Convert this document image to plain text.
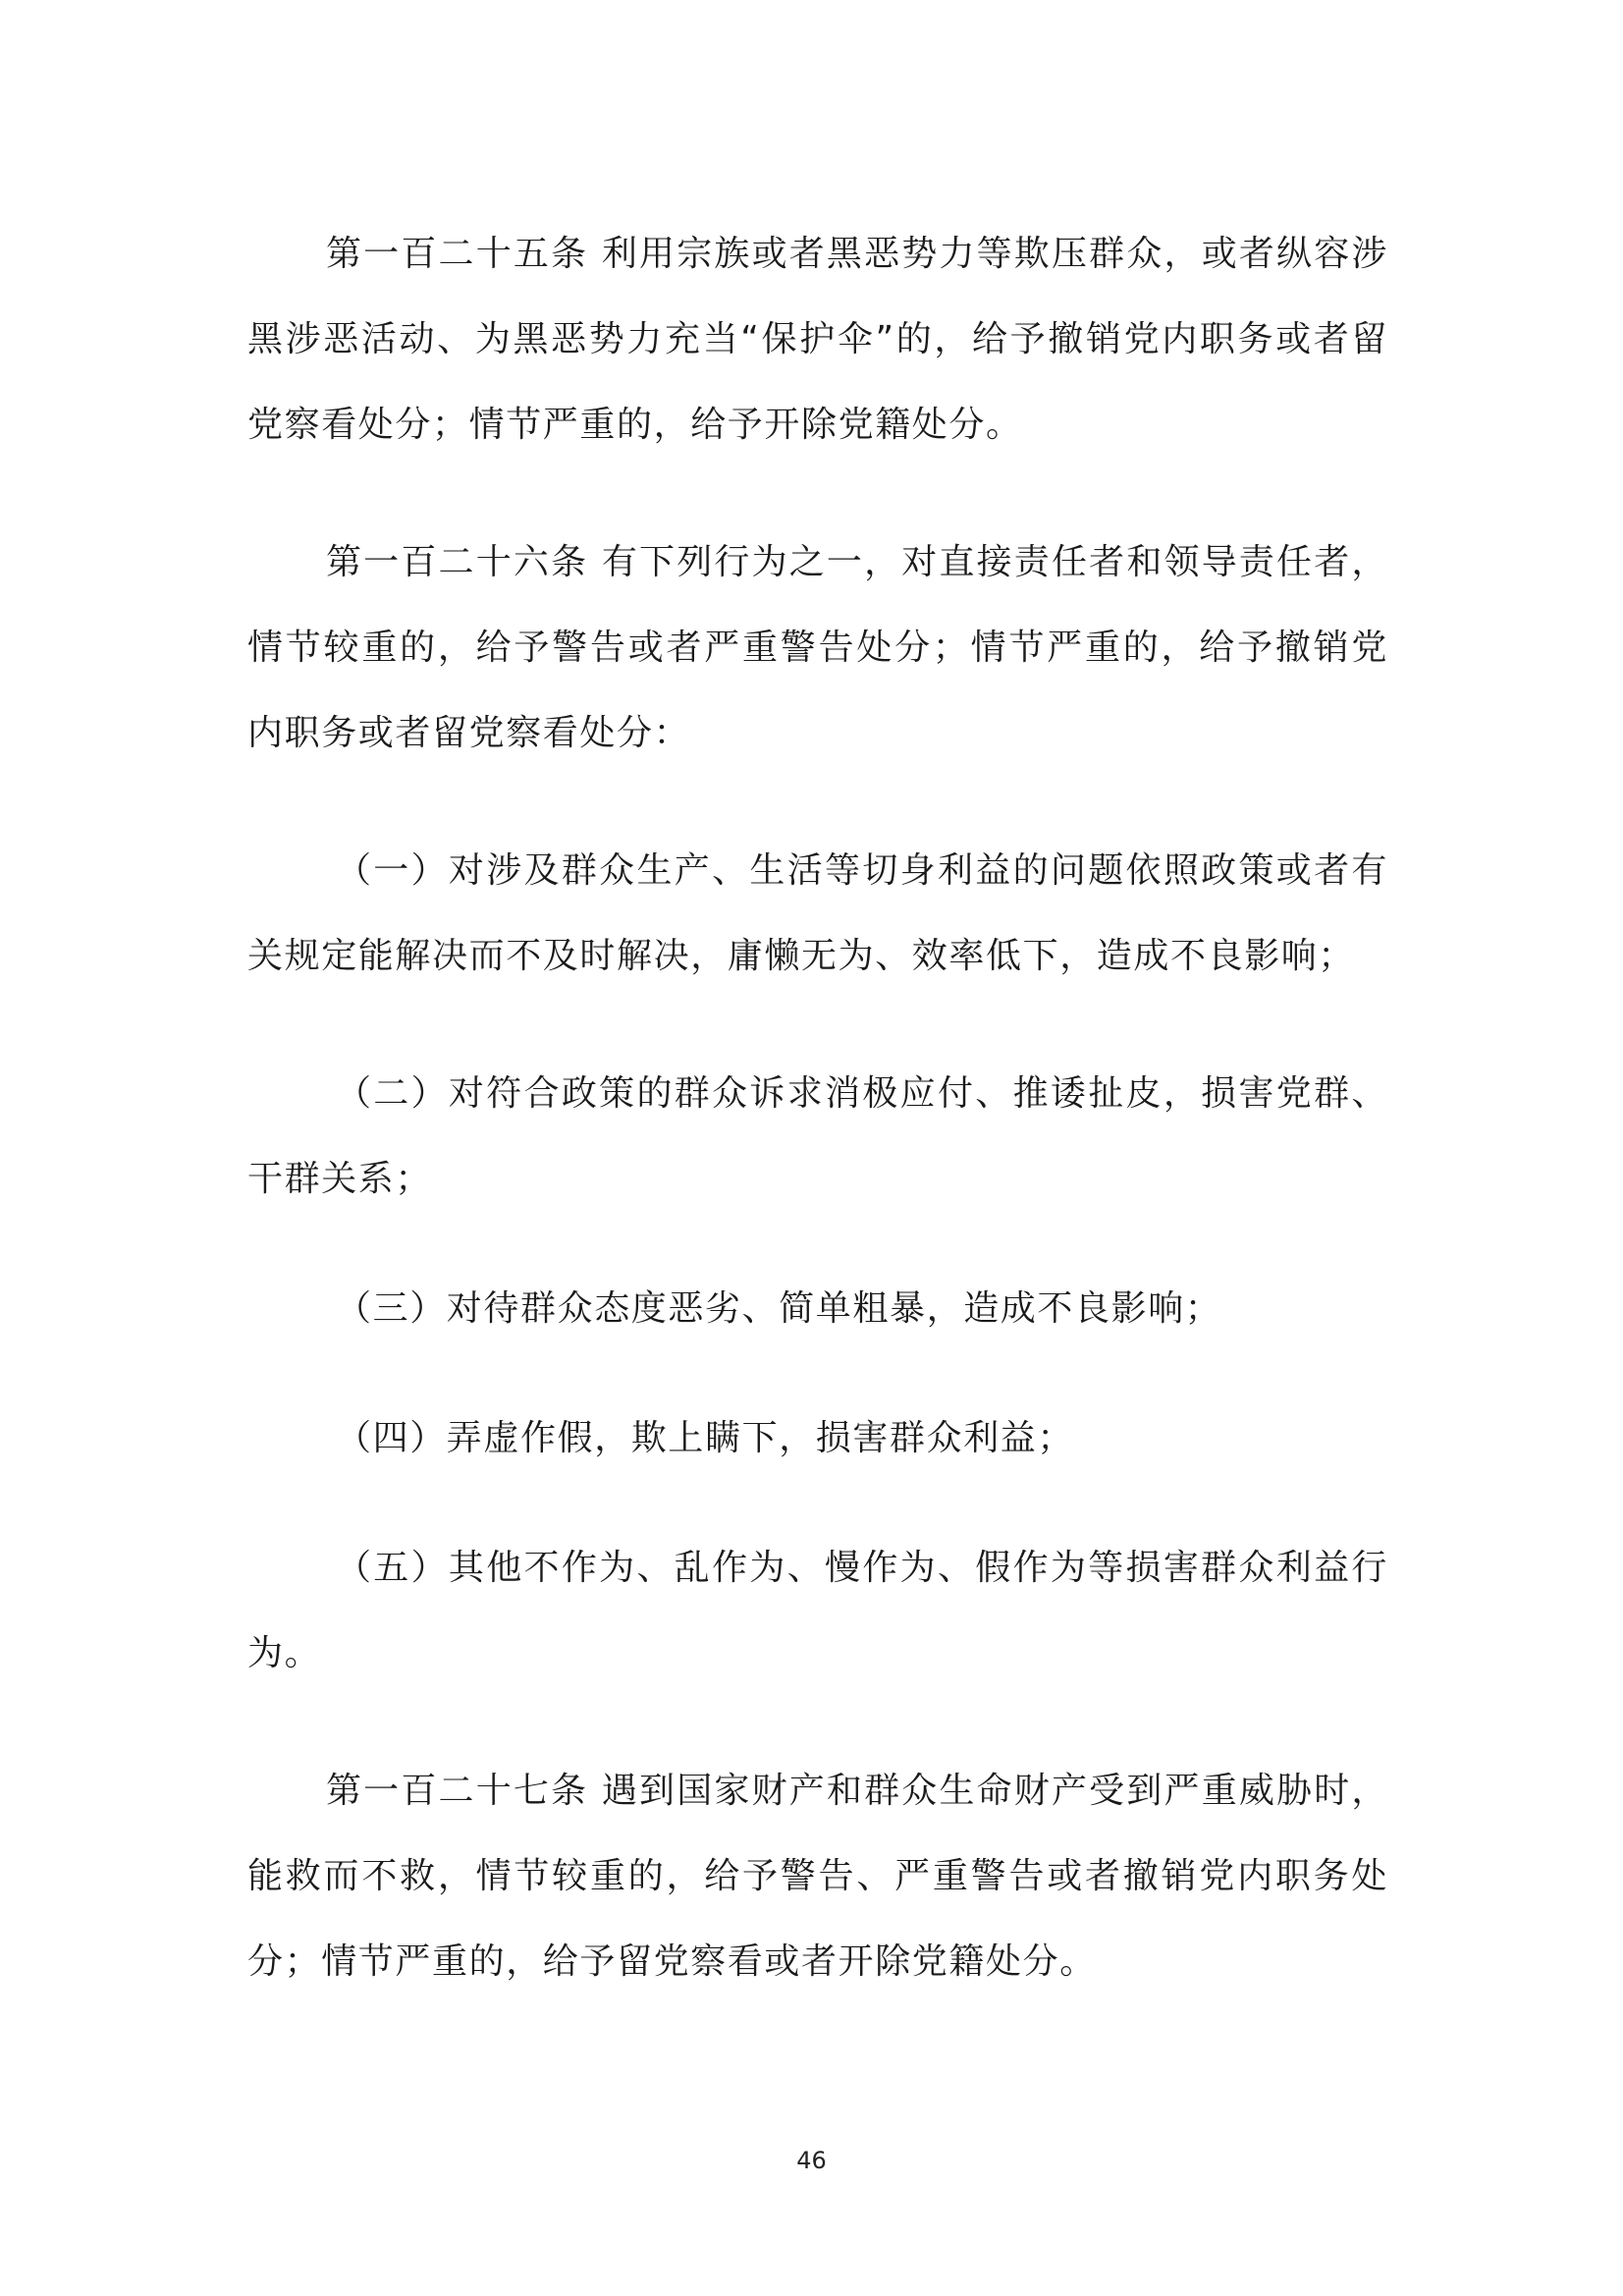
第一百二十五条 利用宗族或者黑恶势力等欺压群众，或者纵容涉黑涉恶活动、为黑恶势力充当“保护伞”的，给予撤销党内职务或者留党察看处分；情节严重的，给予开除党籍处分。

第一百二十六条 有下列行为之一，对直接责任者和领导责任者，情节较重的，给予警告或者严重警告处分；情节严重的，给予撤销党内职务或者留党察看处分：

（一）对涉及群众生产、生活等切身利益的问题依照政策或者有关规定能解决而不及时解决，庸懒无为、效率低下，造成不良影响；

（二）对符合政策的群众诉求消极应付、推诿扯皮，损害党群、干群关系；

（三）对待群众态度恶劣、简单粗暴，造成不良影响；

（四）弄虚作假，欺上瞒下，损害群众利益；

（五）其他不作为、乱作为、慢作为、假作为等损害群众利益行为。

第一百二十七条 遇到国家财产和群众生命财产受到严重威胁时，能救而不救，情节较重的，给予警告、严重警告或者撤销党内职务处分；情节严重的，给予留党察看或者开除党籍处分。

46
